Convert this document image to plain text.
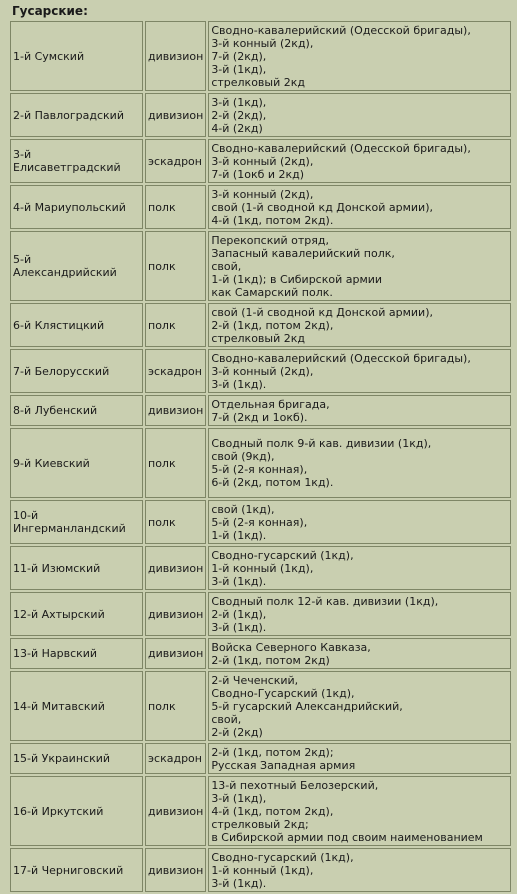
Гусарские:
1-й Сумский	дивизион	Сводно-кавалерийский (Одесской бригады),
3-й конный (2кд),
7-й (2кд),
3-й (1кд),
стрелковый 2кд

2-й Павлоградский	дивизион	3-й (1кд),
2-й (2кд),
4-й (2кд)

3-й
Елисаветградский	эскадрон	Сводно-кавалерийский (Одесской бригады),
3-й конный (2кд),
7-й (1окб и 2кд)

4-й Мариупольский	полк	3-й конный (2кд),
свой (1-й сводной кд Донской армии),
4-й (1кд, потом 2кд).

5-й
Александрийский	полк	Перекопский отряд,
Запасный кавалерийский полк,
свой,
1-й (1кд); в Сибирской армии
как Самарский полк.

6-й Клястицкий	полк	свой (1-й сводной кд Донской армии),
2-й (1кд, потом 2кд),
стрелковый 2кд

7-й Белорусский	эскадрон	Сводно-кавалерийский (Одесской бригады),
3-й конный (2кд),
3-й (1кд).

8-й Лубенский	дивизион	Отдельная бригада,
7-й (2кд и 1окб).

9-й Киевский	полк	Сводный полк 9-й кав. дивизии (1кд),
свой (9кд),
5-й (2-я конная),
6-й (2кд, потом 1кд).

10-й
Ингерманландский	полк	свой (1кд),
5-й (2-я конная),
1-й (1кд).

11-й Изюмский	дивизион	Сводно-гусарский (1кд),
1-й конный (1кд),
3-й (1кд).

12-й Ахтырский	дивизион	Сводный полк 12-й кав. дивизии (1кд),
2-й (1кд),
3-й (1кд).

13-й Нарвский	дивизион	Войска Северного Кавказа,
2-й (1кд, потом 2кд)

14-й Митавский	полк	2-й Чеченский,
Сводно-Гусарский (1кд),
5-й гусарский Александрийский,
свой,
2-й (2кд)

15-й Украинский	эскадрон	2-й (1кд, потом 2кд);
Русская Западная армия

16-й Иркутский	дивизион	13-й пехотный Белозерский,
3-й (1кд),
4-й (1кд, потом 2кд),
стрелковый 2кд;
в Сибирской армии под своим наименованием

17-й Черниговский	дивизион	Сводно-гусарский (1кд),
1-й конный (1кд),
3-й (1кд).
